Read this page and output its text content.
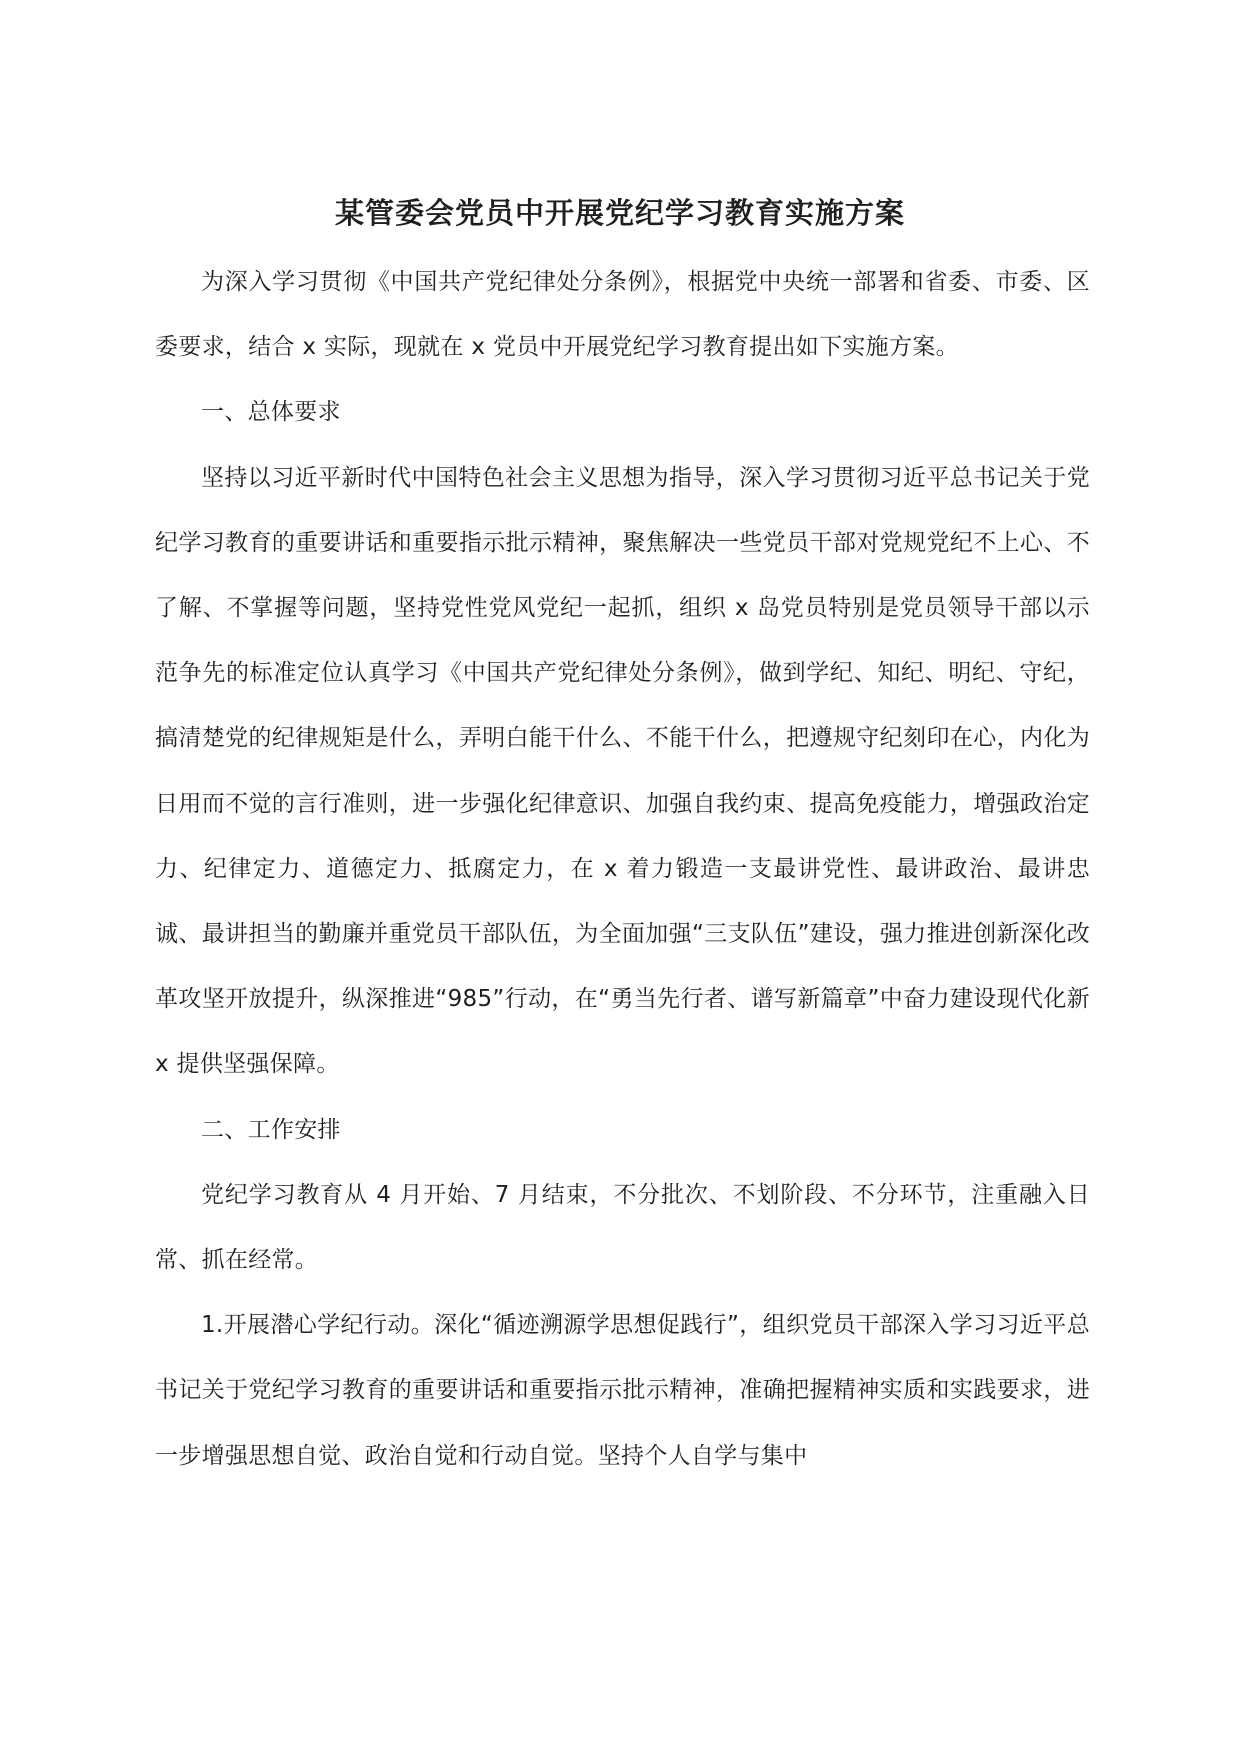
某管委会党员中开展党纪学习教育实施方案

为深入学习贯彻《中国共产党纪律处分条例》，根据党中央统一部署和省委、市委、区委要求，结合 x 实际，现就在 x 党员中开展党纪学习教育提出如下实施方案。

一、总体要求

坚持以习近平新时代中国特色社会主义思想为指导，深入学习贯彻习近平总书记关于党纪学习教育的重要讲话和重要指示批示精神，聚焦解决一些党员干部对党规党纪不上心、不了解、不掌握等问题，坚持党性党风党纪一起抓，组织 x 岛党员特别是党员领导干部以示范争先的标准定位认真学习《中国共产党纪律处分条例》，做到学纪、知纪、明纪、守纪，搞清楚党的纪律规矩是什么，弄明白能干什么、不能干什么，把遵规守纪刻印在心，内化为日用而不觉的言行准则，进一步强化纪律意识、加强自我约束、提高免疫能力，增强政治定力、纪律定力、道德定力、抵腐定力，在 x 着力锻造一支最讲党性、最讲政治、最讲忠诚、最讲担当的勤廉并重党员干部队伍，为全面加强“三支队伍”建设，强力推进创新深化改革攻坚开放提升，纵深推进“985”行动，在“勇当先行者、谱写新篇章”中奋力建设现代化新 x 提供坚强保障。

二、工作安排

党纪学习教育从 4 月开始、7 月结束，不分批次、不划阶段、不分环节，注重融入日常、抓在经常。

1.开展潜心学纪行动。深化“循迹溯源学思想促践行”，组织党员干部深入学习习近平总书记关于党纪学习教育的重要讲话和重要指示批示精神，准确把握精神实质和实践要求，进一步增强思想自觉、政治自觉和行动自觉。坚持个人自学与集中
